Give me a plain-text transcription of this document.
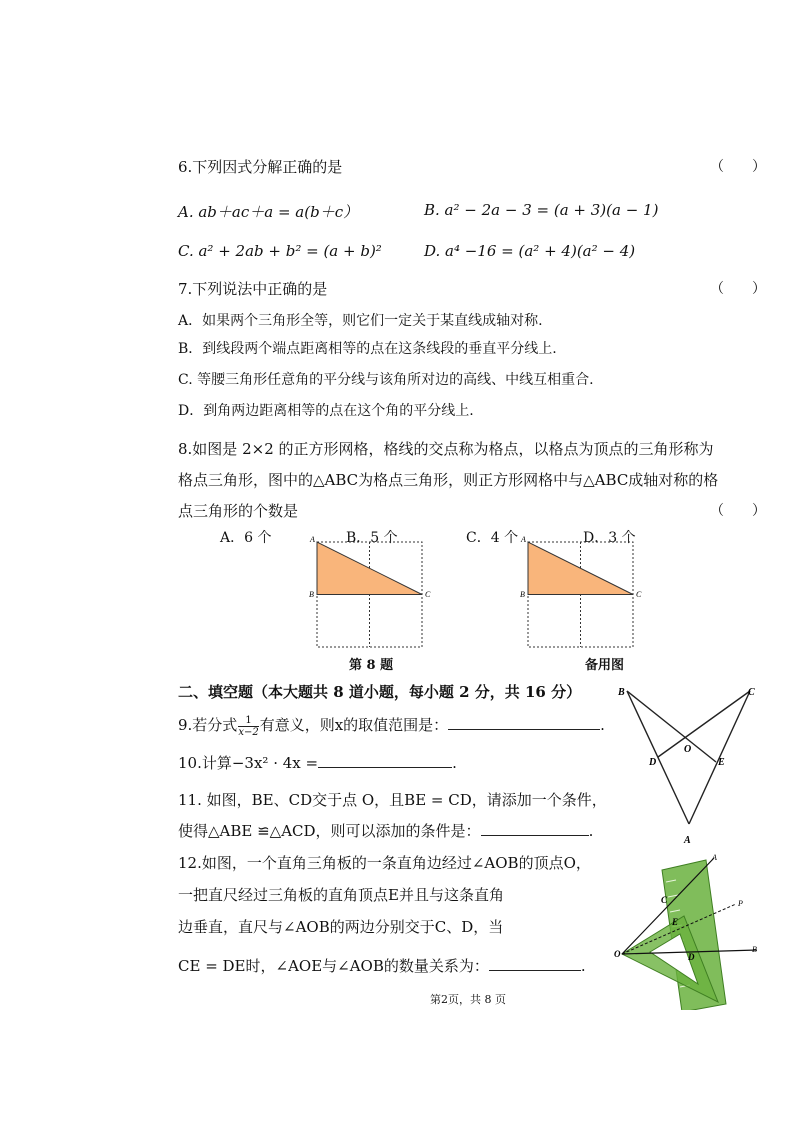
6.下列因式分解正确的是	（　　）
A. ab＋ac＋a = a(b＋c）	B. a² − 2a − 3 = (a + 3)(a − 1)
C. a² + 2ab + b² = (a + b)²	D. a⁴ −16 = (a² + 4)(a² − 4)
7.下列说法中正确的是	（　　）
A．如果两个三角形全等，则它们一定关于某直线成轴对称.
B．到线段两个端点距离相等的点在这条线段的垂直平分线上.
C. 等腰三角形任意角的平分线与该角所对边的高线、中线互相重合.
D．到角两边距离相等的点在这个角的平分线上.
8.如图是 2×2 的正方形网格，格线的交点称为格点，以格点为顶点的三角形称为
格点三角形，图中的△ABC为格点三角形，则正方形网格中与△ABC成轴对称的格
点三角形的个数是	（　　）
A．6 个	B．5 个	C．4 个	D．3 个
A
B	C
第 8 题
A
B	C
备用图
二、填空题（本大题共 8 道小题，每小题 2 分，共 16 分）
9.若分式 $\frac{1}{x-2}$ 有意义，则x的取值范围是：	.
10.计算−3x² · 4x =	.
11. 如图，BE、CD交于点 O，且BE = CD，请添加一个条件，
使得△ABE ≌△ACD，则可以添加的条件是：	.
B	C
D	E
O
A
12.如图，一个直角三角板的一条直角边经过∠AOB的顶点O，
一把直尺经过三角板的直角顶点E并且与这条直角
边垂直，直尺与∠AOB的两边分别交于C、D，当
CE = DE时，∠AOE与∠AOB的数量关系为：	.
A
B
P
O
C
E
D
第2页，共 8 页
